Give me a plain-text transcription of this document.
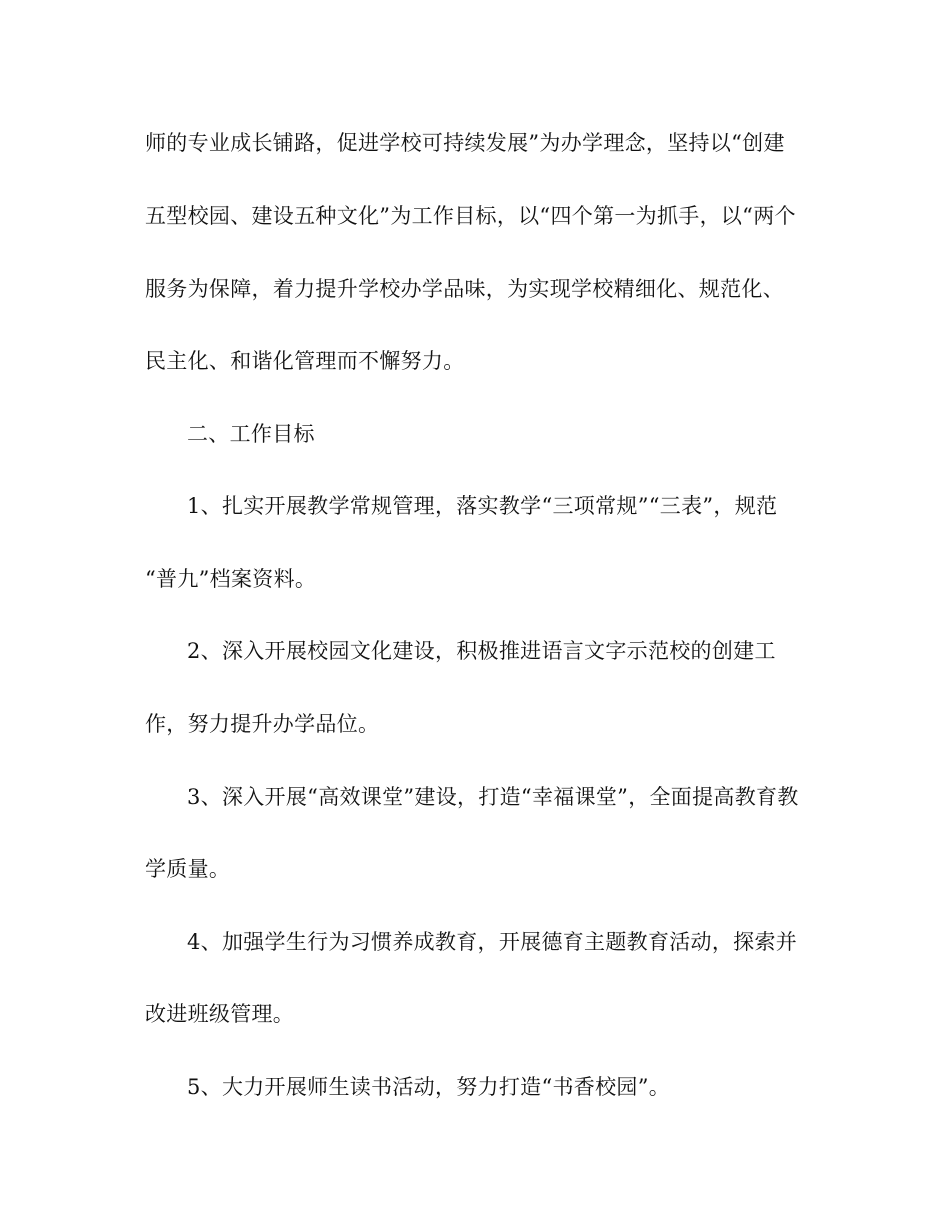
师的专业成长铺路，促进学校可持续发展”为办学理念，坚持以“创建
五型校园、建设五种文化”为工作目标，以“四个第一为抓手，以“两个
服务为保障，着力提升学校办学品味，为实现学校精细化、规范化、
民主化、和谐化管理而不懈努力。
二、工作目标
1、扎实开展教学常规管理，落实教学“三项常规”“三表”，规范
“普九”档案资料。
2、深入开展校园文化建设，积极推进语言文字示范校的创建工
作，努力提升办学品位。
3、深入开展“高效课堂”建设，打造“幸福课堂”，全面提高教育教
学质量。
4、加强学生行为习惯养成教育，开展德育主题教育活动，探索并
改进班级管理。
5、大力开展师生读书活动，努力打造“书香校园”。
